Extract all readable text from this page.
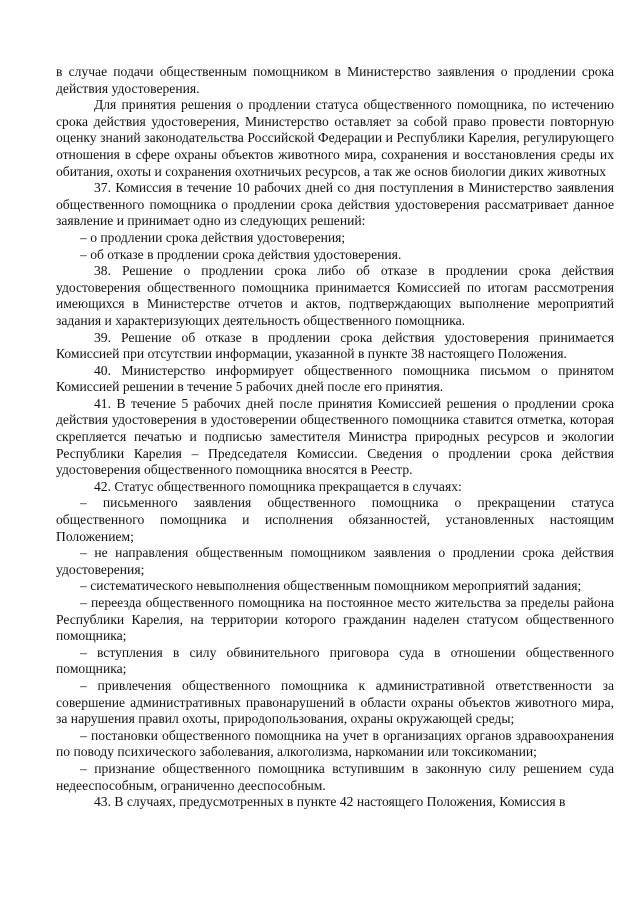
в случае подачи общественным помощником в Министерство заявления о продлении срока действия удостоверения.

Для принятия решения о продлении статуса общественного помощника, по истечению срока действия удостоверения, Министерство оставляет за собой право провести повторную оценку знаний законодательства Российской Федерации и Республики Карелия, регулирующего отношения в сфере охраны объектов животного мира, сохранения и восстановления среды их обитания, охоты и сохранения охотничьих ресурсов, а так же основ биологии диких животных

37. Комиссия в течение 10 рабочих дней со дня поступления в Министерство заявления общественного помощника о продлении срока действия удостоверения рассматривает данное заявление и принимает одно из следующих решений:

– о продлении срока действия удостоверения;

– об отказе в продлении срока действия удостоверения.

38. Решение о продлении срока либо об отказе в продлении срока действия удостоверения общественного помощника принимается Комиссией по итогам рассмотрения имеющихся в Министерстве отчетов и актов, подтверждающих выполнение мероприятий задания и характеризующих деятельность общественного помощника.

39. Решение об отказе в продлении срока действия удостоверения принимается Комиссией при отсутствии информации, указанной в пункте 38 настоящего Положения.

40. Министерство информирует общественного помощника письмом о принятом Комиссией решении в течение 5 рабочих дней после его принятия.

41. В течение 5 рабочих дней после принятия Комиссией решения о продлении срока действия удостоверения в удостоверении общественного помощника ставится отметка, которая скрепляется печатью и подписью заместителя Министра природных ресурсов и экологии Республики Карелия – Председателя Комиссии. Сведения о продлении срока действия удостоверения общественного помощника вносятся в Реестр.

42. Статус общественного помощника прекращается в случаях:

– письменного заявления общественного помощника о прекращении статуса общественного помощника и исполнения обязанностей, установленных настоящим Положением;

– не направления общественным помощником заявления о продлении срока действия удостоверения;

– систематического невыполнения общественным помощником мероприятий задания;

– переезда общественного помощника на постоянное место жительства за пределы района Республики Карелия, на территории которого гражданин наделен статусом общественного помощника;

– вступления в силу обвинительного приговора суда в отношении общественного помощника;

– привлечения общественного помощника к административной ответственности за совершение административных правонарушений в области охраны объектов животного мира, за нарушения правил охоты, природопользования, охраны окружающей среды;

– постановки общественного помощника на учет в организациях органов здравоохранения по поводу психического заболевания, алкоголизма, наркомании или токсикомании;

– признание общественного помощника вступившим в законную силу решением суда недееспособным, ограниченно дееспособным.

43. В случаях, предусмотренных в пункте 42 настоящего Положения, Комиссия в
